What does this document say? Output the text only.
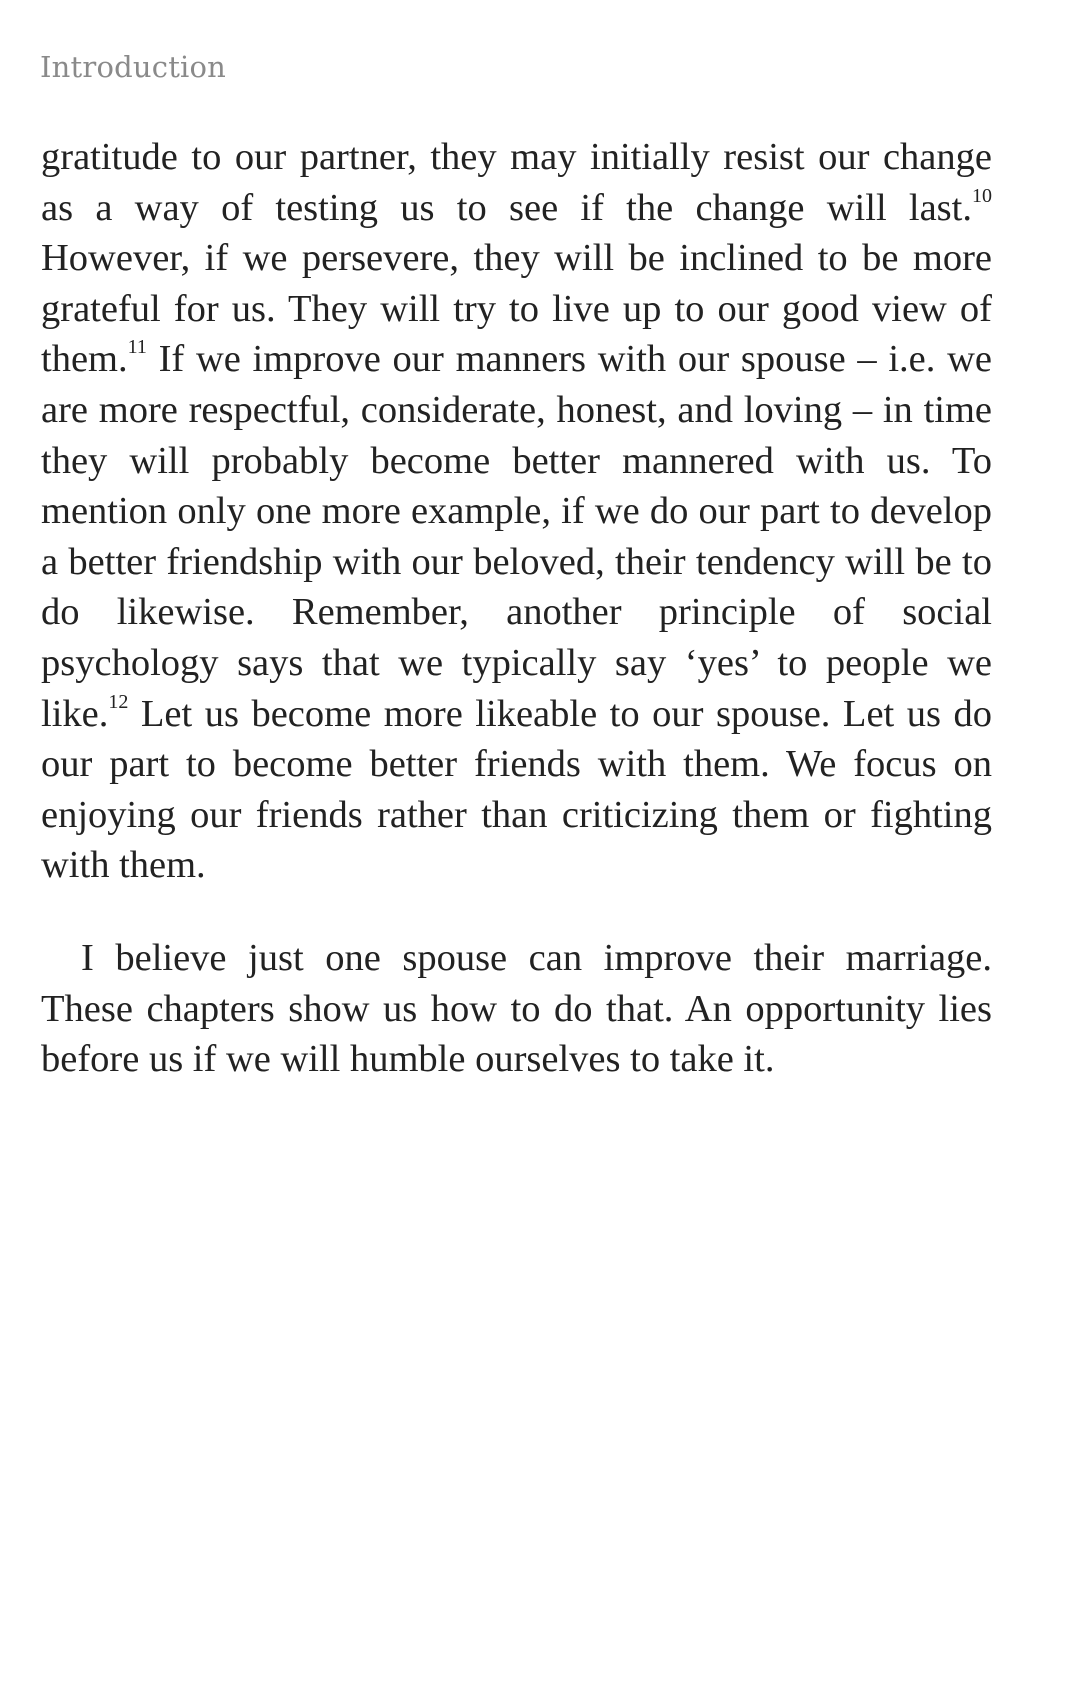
Introduction

gratitude to our partner, they may initially resist our change as a way of testing us to see if the change will last.$^{10}$ However, if we persevere, they will be inclined to be more grateful for us. They will try to live up to our good view of them.$^{11}$ If we improve our manners with our spouse – i.e. we are more respectful, considerate, honest, and loving – in time they will probably become better mannered with us. To mention only one more example, if we do our part to develop a better friendship with our beloved, their tendency will be to do likewise. Remember, another principle of social psychology says that we typically say ‘yes’ to people we like.$^{12}$ Let us become more likeable to our spouse. Let us do our part to become better friends with them. We focus on enjoying our friends rather than criticizing them or fighting with them.

I believe just one spouse can improve their marriage. These chapters show us how to do that. An opportunity lies before us if we will humble ourselves to take it.
